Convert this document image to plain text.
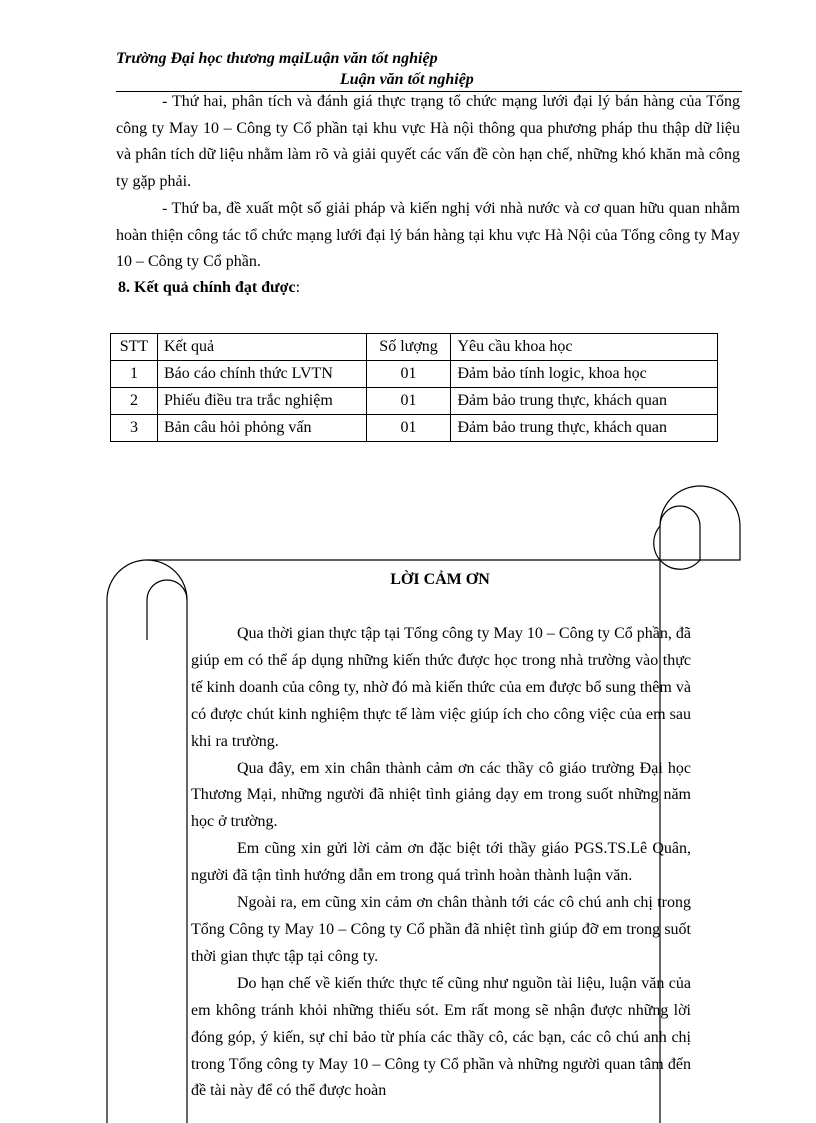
Trường Đại học thương mạiLuận văn tốt nghiệp
Luận văn tốt nghiệp

- Thứ hai, phân tích và đánh giá thực trạng tổ chức mạng lưới đại lý bán hàng của Tổng công ty May 10 – Công ty Cổ phần tại khu vực Hà nội thông qua phương pháp thu thập dữ liệu và phân tích dữ liệu nhằm làm rõ và giải quyết các vấn đề còn hạn chế, những khó khăn mà công ty gặp phải.

- Thứ ba, đề xuất một số giải pháp và kiến nghị với nhà nước và cơ quan hữu quan nhằm hoàn thiện công tác tổ chức mạng lưới đại lý bán hàng tại khu vực Hà Nội của Tổng công ty May 10 – Công ty Cổ phần.

8. Kết quả chính đạt được:
STT	Kết quả	Số lượng	Yêu cầu khoa học
1	Báo cáo chính thức LVTN	01	Đảm bảo tính logic, khoa học
2	Phiếu điều tra trắc nghiệm	01	Đảm bảo trung thực, khách quan
3	Bản câu hỏi phỏng vấn	01	Đảm bảo trung thực, khách quan
LỜI CẢM ƠN

Qua thời gian thực tập tại Tổng công ty May 10 – Công ty Cổ phần, đã giúp em có thể áp dụng những kiến thức được học trong nhà trường vào thực tế kinh doanh của công ty, nhờ đó mà kiến thức của em được bổ sung thêm và có được chút kinh nghiệm thực tế làm việc giúp ích cho công việc của em sau khi ra trường.

Qua đây, em xin chân thành cảm ơn các thầy cô giáo trường Đại học Thương Mại, những người đã nhiệt tình giảng dạy em trong suốt những năm học ở trường.

Em cũng xin gửi lời cảm ơn đặc biệt tới thầy giáo PGS.TS.Lê Quân, người đã tận tình hướng dẫn em trong quá trình hoàn thành luận văn.

Ngoài ra, em cũng xin cảm ơn chân thành tới các cô chú anh chị trong Tổng Công ty May 10 – Công ty Cổ phần đã nhiệt tình giúp đỡ em trong suốt thời gian thực tập tại công ty.

Do hạn chế về kiến thức thực tế cũng như nguồn tài liệu, luận văn của em không tránh khỏi những thiếu sót. Em rất mong sẽ nhận được những lời đóng góp, ý kiến, sự chỉ bảo từ phía các thầy cô, các bạn, các cô chú anh chị trong Tổng công ty May 10 – Công ty Cổ phần và những người quan tâm đến đề tài này để có thể được hoàn
